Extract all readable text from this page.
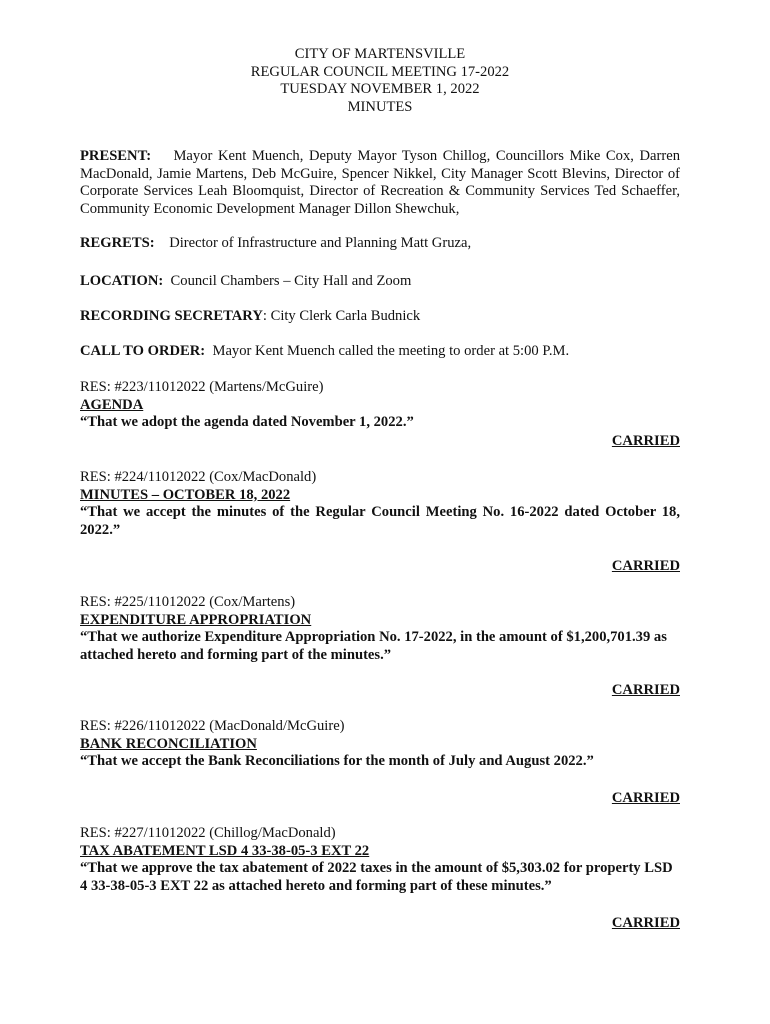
CITY OF MARTENSVILLE
REGULAR COUNCIL MEETING 17-2022
TUESDAY NOVEMBER 1, 2022
MINUTES
PRESENT: Mayor Kent Muench, Deputy Mayor Tyson Chillog, Councillors Mike Cox, Darren MacDonald, Jamie Martens, Deb McGuire, Spencer Nikkel, City Manager Scott Blevins, Director of Corporate Services Leah Bloomquist, Director of Recreation & Community Services Ted Schaeffer, Community Economic Development Manager Dillon Shewchuk,
REGRETS: Director of Infrastructure and Planning Matt Gruza,
LOCATION: Council Chambers – City Hall and Zoom
RECORDING SECRETARY: City Clerk Carla Budnick
CALL TO ORDER: Mayor Kent Muench called the meeting to order at 5:00 P.M.
RES: #223/11012022 (Martens/McGuire)
AGENDA
“That we adopt the agenda dated November 1, 2022.”
CARRIED
RES: #224/11012022 (Cox/MacDonald)
MINUTES – OCTOBER 18, 2022
“That we accept the minutes of the Regular Council Meeting No. 16-2022 dated October 18, 2022.”
CARRIED
RES: #225/11012022 (Cox/Martens)
EXPENDITURE APPROPRIATION
“That we authorize Expenditure Appropriation No. 17-2022, in the amount of $1,200,701.39 as attached hereto and forming part of the minutes.”
CARRIED
RES: #226/11012022 (MacDonald/McGuire)
BANK RECONCILIATION
“That we accept the Bank Reconciliations for the month of July and August 2022.”
CARRIED
RES: #227/11012022 (Chillog/MacDonald)
TAX ABATEMENT LSD 4 33-38-05-3 EXT 22
“That we approve the tax abatement of 2022 taxes in the amount of $5,303.02 for property LSD 4 33-38-05-3 EXT 22 as attached hereto and forming part of these minutes.”
CARRIED
